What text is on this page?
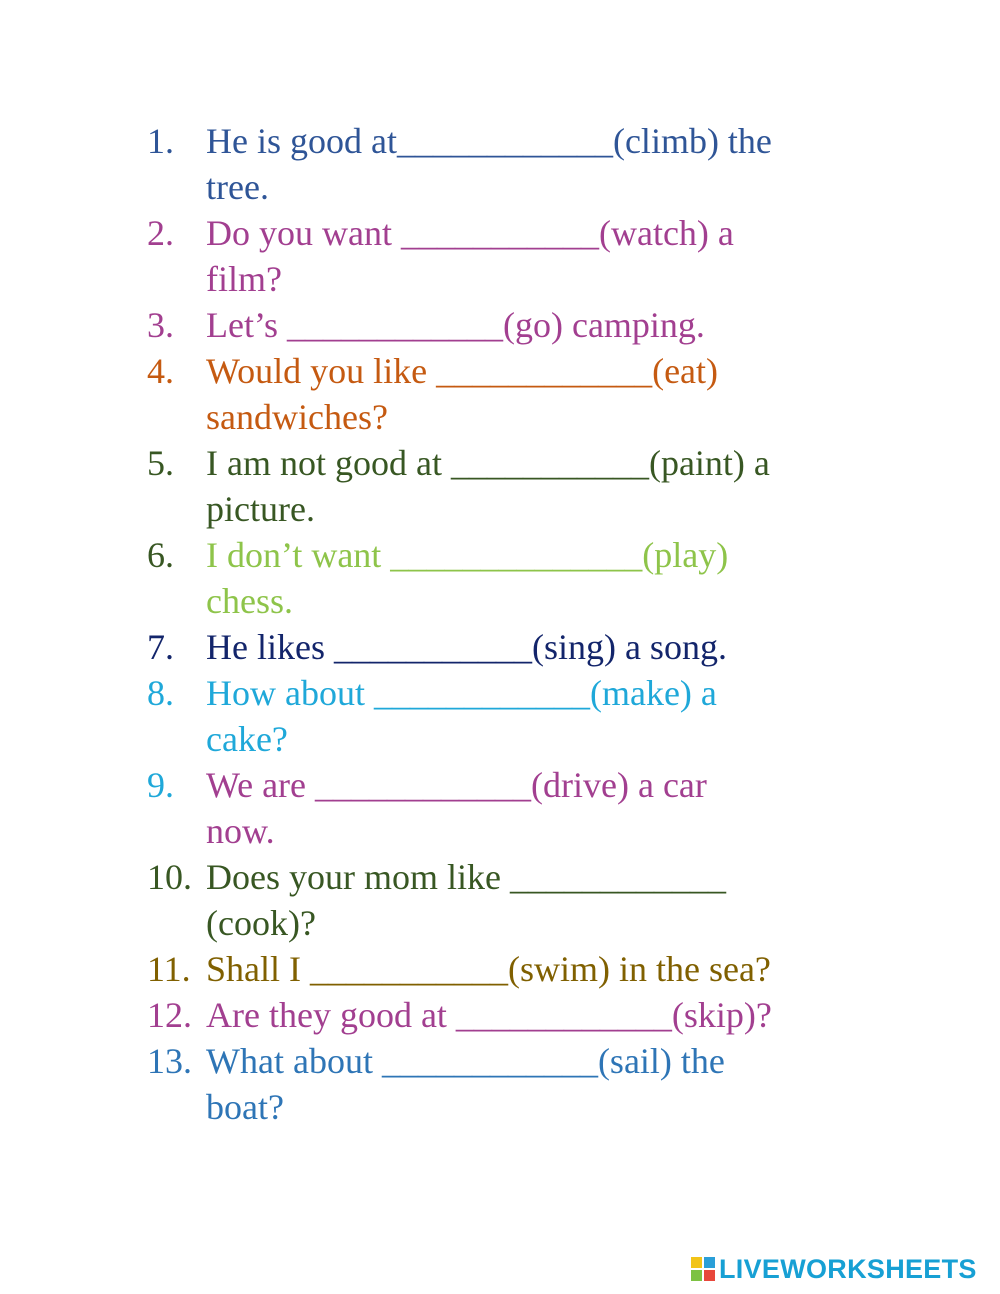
1. He is good at____________(climb) the
tree.
2. Do you want ___________(watch) a
film?
3. Let’s ____________(go) camping.
4. Would you like ____________(eat)
sandwiches?
5. I am not good at ___________(paint) a
picture.
6. I don’t want ______________(play)
chess.
7. He likes ___________(sing) a song.
8. How about ____________(make) a
cake?
9. We are ____________(drive) a car
now.
10. Does your mom like ____________
(cook)?
11. Shall I ___________(swim) in the sea?
12. Are they good at ____________(skip)?
13. What about ____________(sail) the
boat?
LIVEWORKSHEETS
